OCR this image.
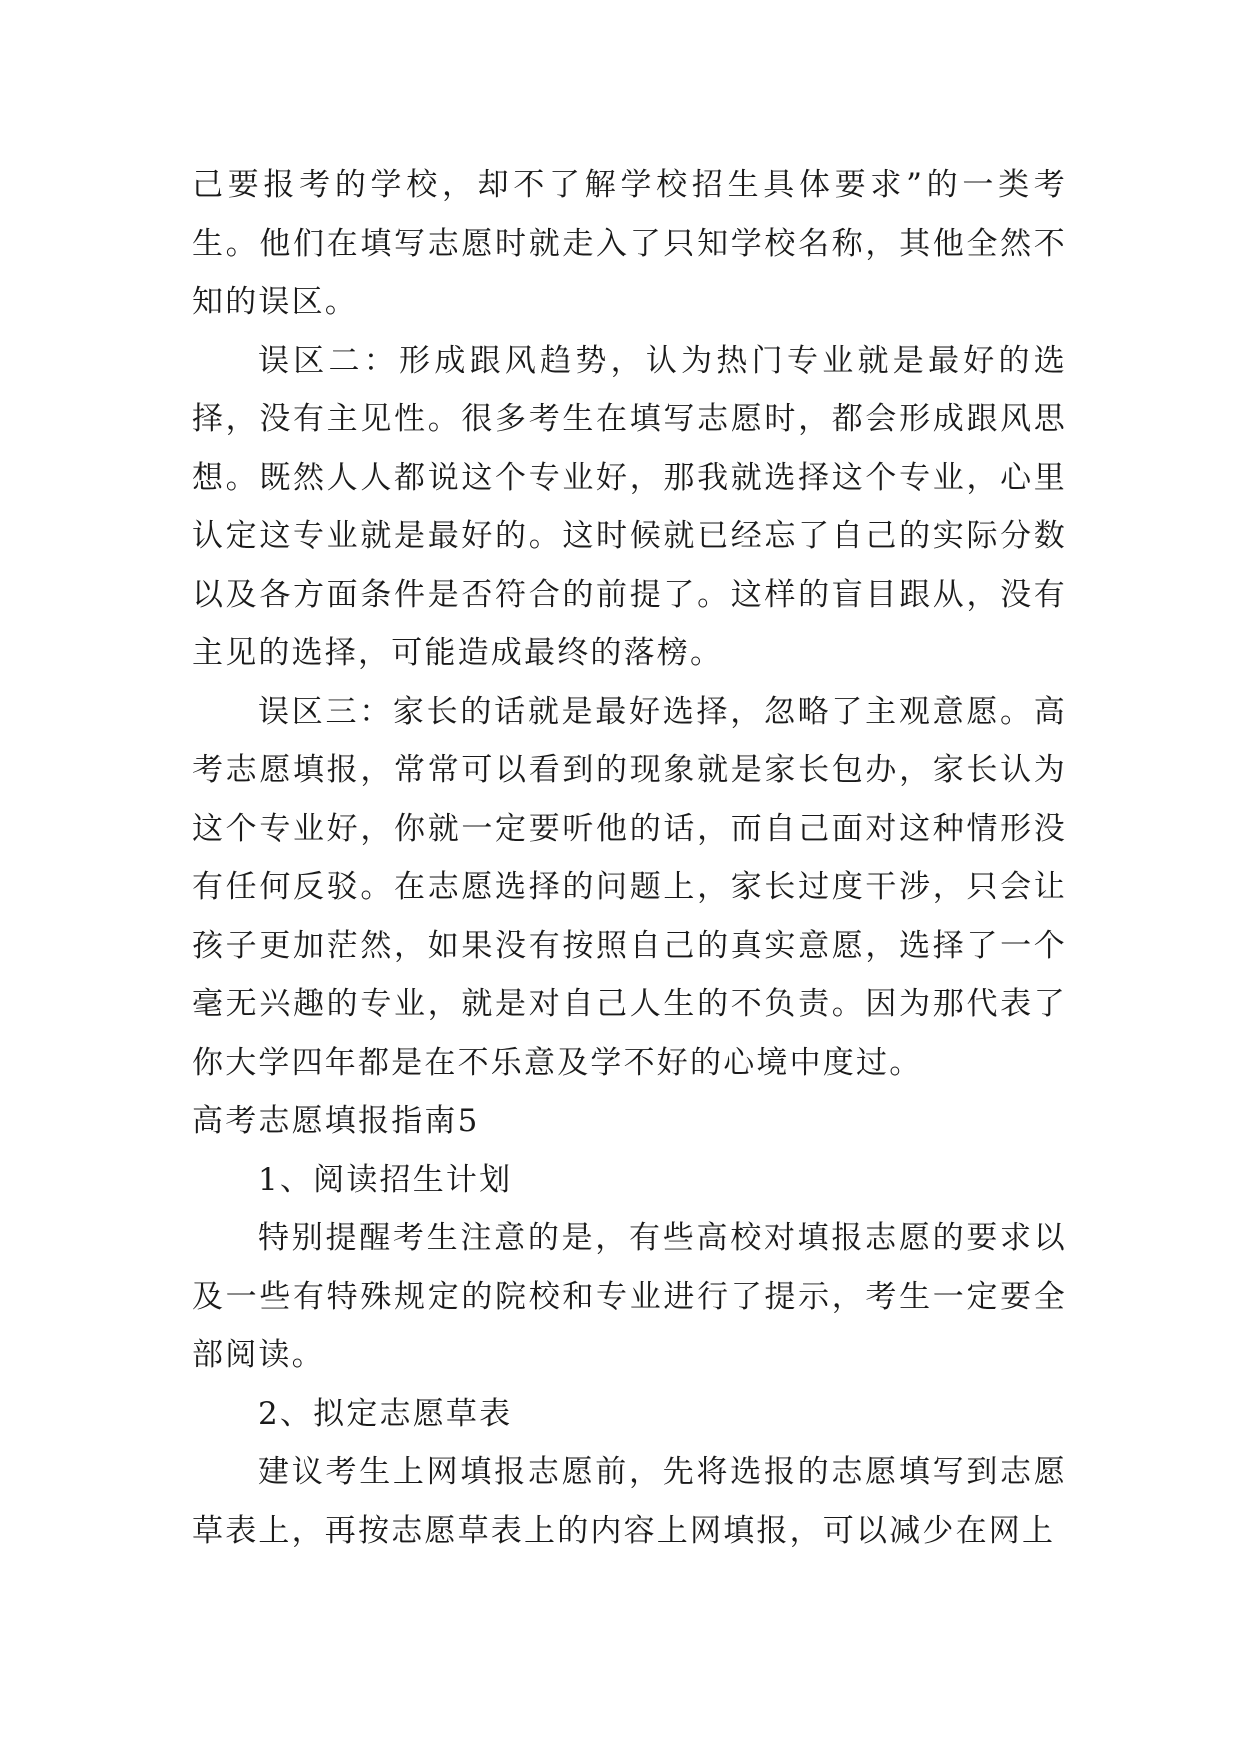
己要报考的学校，却不了解学校招生具体要求”的一类考生。他们在填写志愿时就走入了只知学校名称，其他全然不知的误区。

误区二：形成跟风趋势，认为热门专业就是最好的选择，没有主见性。很多考生在填写志愿时，都会形成跟风思想。既然人人都说这个专业好，那我就选择这个专业，心里认定这专业就是最好的。这时候就已经忘了自己的实际分数以及各方面条件是否符合的前提了。这样的盲目跟从，没有主见的选择，可能造成最终的落榜。

误区三：家长的话就是最好选择，忽略了主观意愿。高考志愿填报，常常可以看到的现象就是家长包办，家长认为这个专业好，你就一定要听他的话，而自己面对这种情形没有任何反驳。在志愿选择的问题上，家长过度干涉，只会让孩子更加茫然，如果没有按照自己的真实意愿，选择了一个毫无兴趣的专业，就是对自己人生的不负责。因为那代表了你大学四年都是在不乐意及学不好的心境中度过。

高考志愿填报指南5

1、阅读招生计划

特别提醒考生注意的是，有些高校对填报志愿的要求以及一些有特殊规定的院校和专业进行了提示，考生一定要全部阅读。

2、拟定志愿草表

建议考生上网填报志愿前，先将选报的志愿填写到志愿草表上，再按志愿草表上的内容上网填报，可以减少在网上
